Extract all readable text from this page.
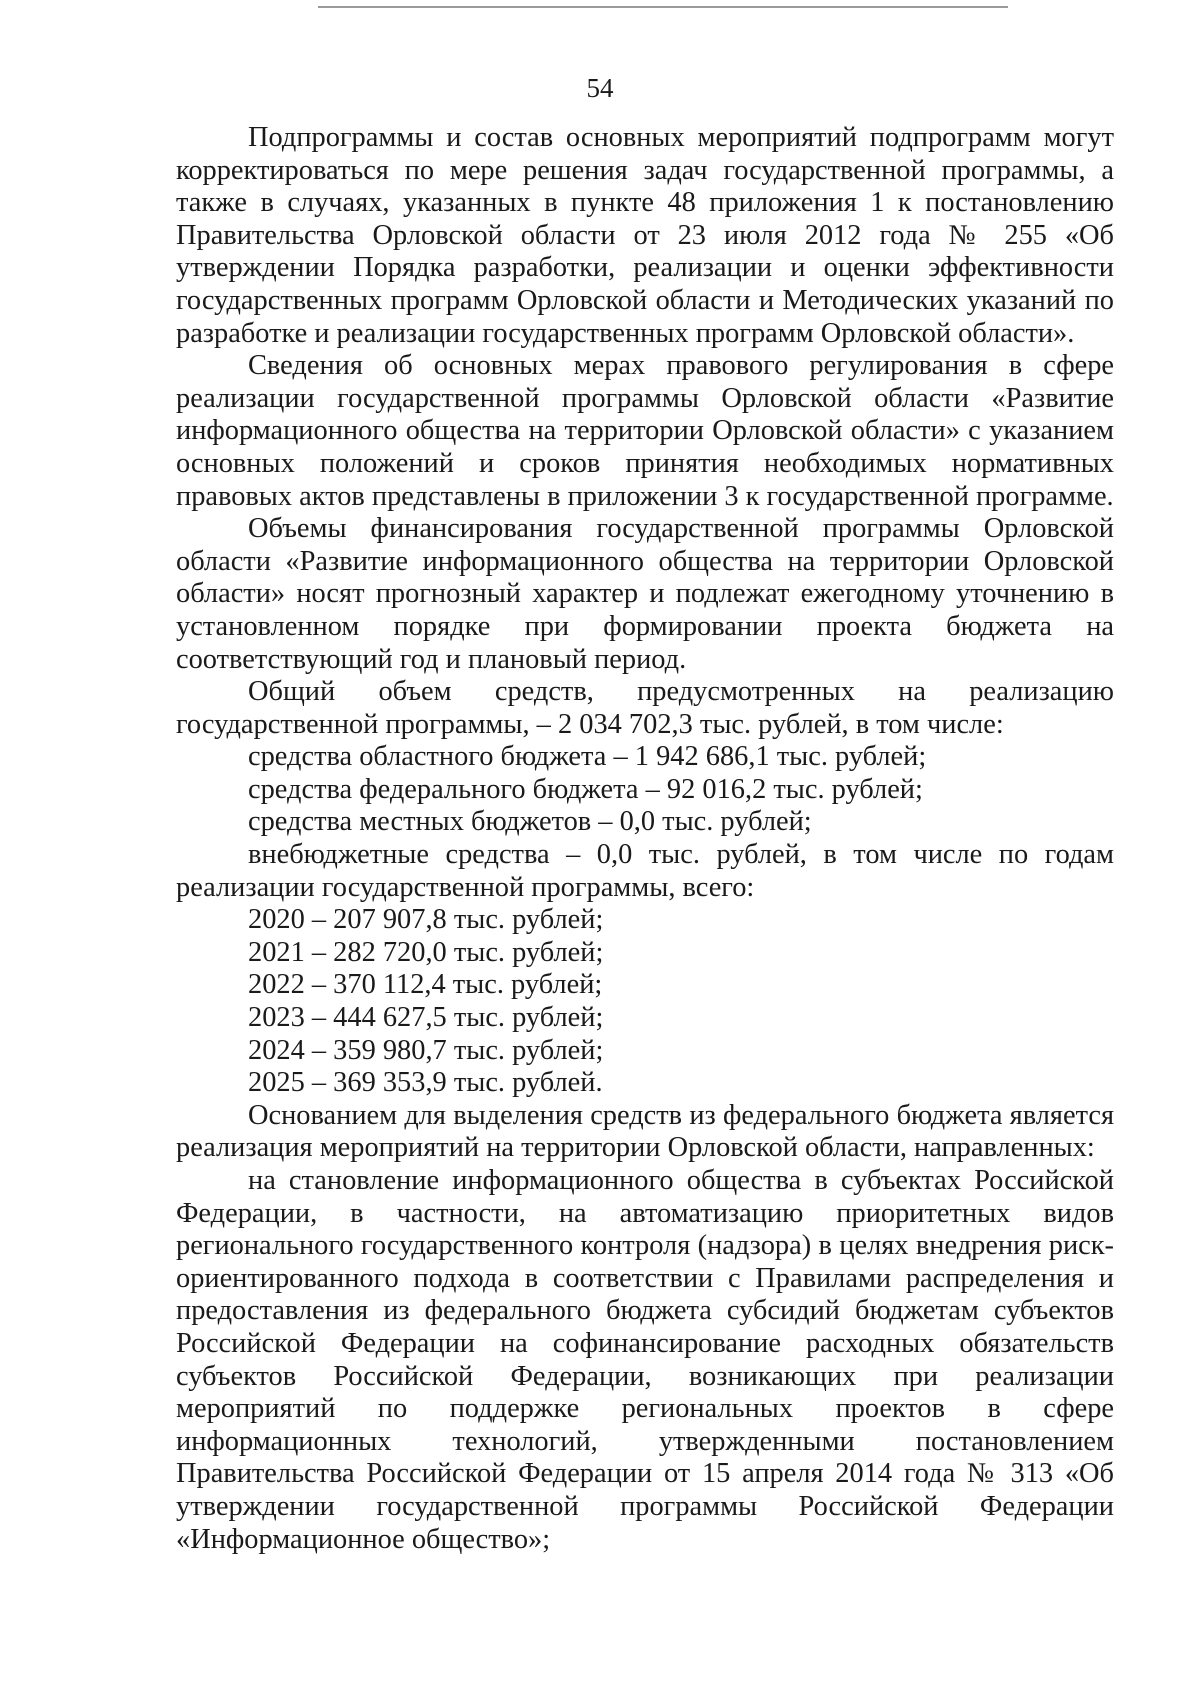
54

Подпрограммы и состав основных мероприятий подпрограмм могут корректироваться по мере решения задач государственной программы, а также в случаях, указанных в пункте 48 приложения 1 к постановлению Правительства Орловской области от 23 июля 2012 года № 255 «Об утверждении Порядка разработки, реализации и оценки эффективности государственных программ Орловской области и Методических указаний по разработке и реализации государственных программ Орловской области».

Сведения об основных мерах правового регулирования в сфере реализации государственной программы Орловской области «Развитие информационного общества на территории Орловской области» с указанием основных положений и сроков принятия необходимых нормативных правовых актов представлены в приложении 3 к государственной программе.

Объемы финансирования государственной программы Орловской области «Развитие информационного общества на территории Орловской области» носят прогнозный характер и подлежат ежегодному уточнению в установленном порядке при формировании проекта бюджета на соответствующий год и плановый период.

Общий объем средств, предусмотренных на реализацию государственной программы, – 2 034 702,3 тыс. рублей, в том числе:

средства областного бюджета – 1 942 686,1 тыс. рублей;

средства федерального бюджета – 92 016,2 тыс. рублей;

средства местных бюджетов – 0,0 тыс. рублей;

внебюджетные средства – 0,0 тыс. рублей, в том числе по годам реализации государственной программы, всего:

2020 – 207 907,8 тыс. рублей;

2021 – 282 720,0 тыс. рублей;

2022 – 370 112,4 тыс. рублей;

2023 – 444 627,5 тыс. рублей;

2024 – 359 980,7 тыс. рублей;

2025 – 369 353,9 тыс. рублей.

Основанием для выделения средств из федерального бюджета является реализация мероприятий на территории Орловской области, направленных:

на становление информационного общества в субъектах Российской Федерации, в частности, на автоматизацию приоритетных видов регионального государственного контроля (надзора) в целях внедрения риск-ориентированного подхода в соответствии с Правилами распределения и предоставления из федерального бюджета субсидий бюджетам субъектов Российской Федерации на софинансирование расходных обязательств субъектов Российской Федерации, возникающих при реализации мероприятий по поддержке региональных проектов в сфере информационных технологий, утвержденными постановлением Правительства Российской Федерации от 15 апреля 2014 года № 313 «Об утверждении государственной программы Российской Федерации «Информационное общество»;
